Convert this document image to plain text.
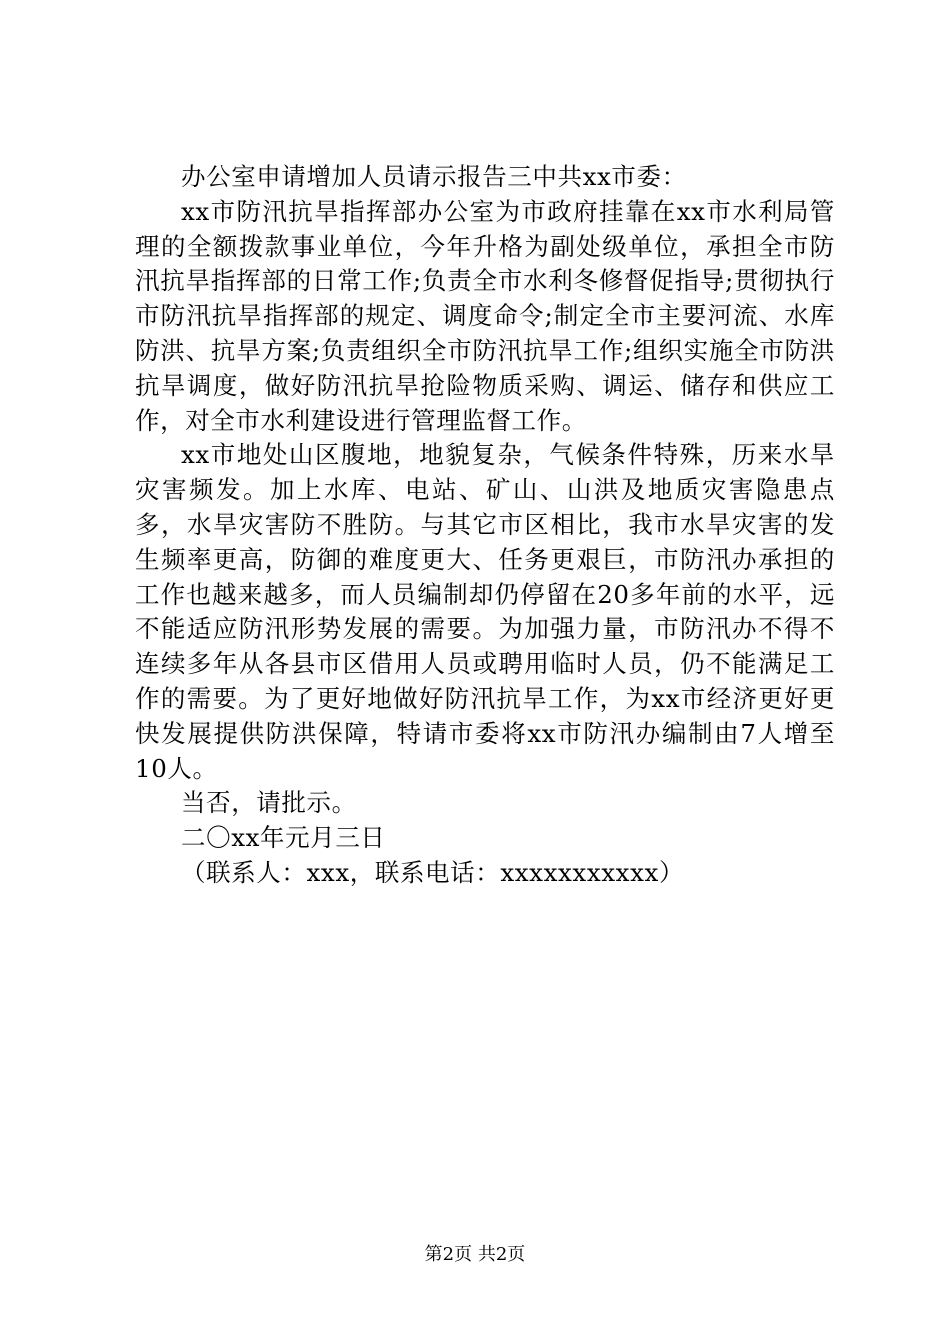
办公室申请增加人员请示报告三中共xx市委：

xx市防汛抗旱指挥部办公室为市政府挂靠在xx市水利局管理的全额拨款事业单位，今年升格为副处级单位，承担全市防汛抗旱指挥部的日常工作;负责全市水利冬修督促指导;贯彻执行市防汛抗旱指挥部的规定、调度命令;制定全市主要河流、水库防洪、抗旱方案;负责组织全市防汛抗旱工作;组织实施全市防洪抗旱调度，做好防汛抗旱抢险物质采购、调运、储存和供应工作，对全市水利建设进行管理监督工作。

xx市地处山区腹地，地貌复杂，气候条件特殊，历来水旱灾害频发。加上水库、电站、矿山、山洪及地质灾害隐患点多，水旱灾害防不胜防。与其它市区相比，我市水旱灾害的发生频率更高，防御的难度更大、任务更艰巨，市防汛办承担的工作也越来越多，而人员编制却仍停留在20多年前的水平，远不能适应防汛形势发展的需要。为加强力量，市防汛办不得不连续多年从各县市区借用人员或聘用临时人员，仍不能满足工作的需要。为了更好地做好防汛抗旱工作，为xx市经济更好更快发展提供防洪保障，特请市委将xx市防汛办编制由7人增至10人。

当否，请批示。

二〇xx年元月三日

（联系人：xxx，联系电话：xxxxxxxxxxx）

第2页 共2页
